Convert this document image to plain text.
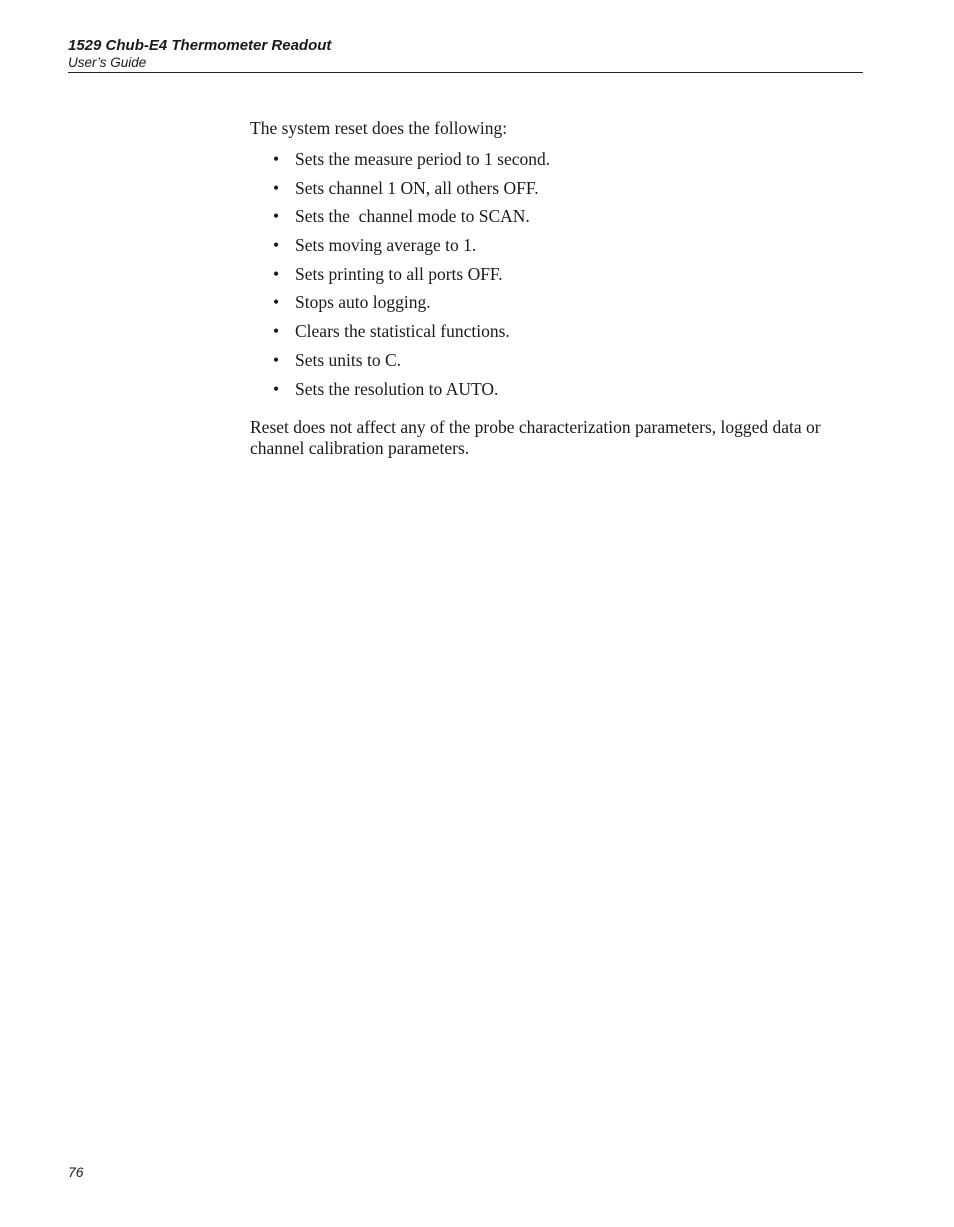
1529 Chub-E4 Thermometer Readout

User’s Guide

The system reset does the following:

• Sets the measure period to 1 second.
• Sets channel 1 ON, all others OFF.
• Sets the  channel mode to SCAN.
• Sets moving average to 1.
• Sets printing to all ports OFF.
• Stops auto logging.
• Clears the statistical functions.
• Sets units to C.
• Sets the resolution to AUTO.

Reset does not affect any of the probe characterization parameters, logged data or channel calibration parameters.

76
